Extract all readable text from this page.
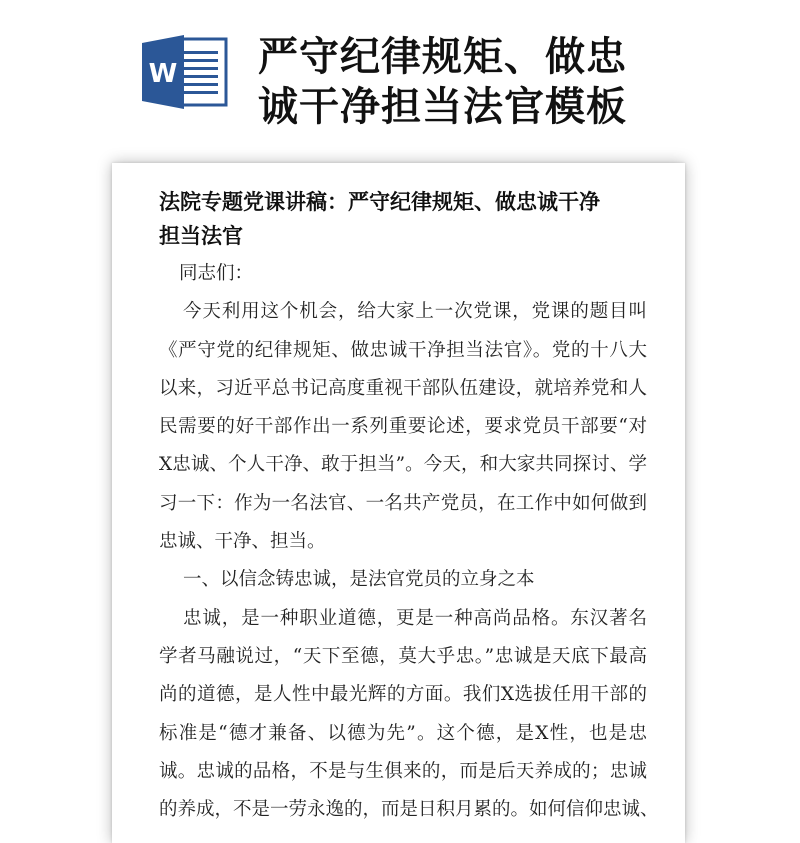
W 严守纪律规矩、做忠
诚干净担当法官模板
法院专题党课讲稿：严守纪律规矩、做忠诚干净
担当法官
同志们：
今天利用这个机会，给大家上一次党课，党课的题目叫
《严守党的纪律规矩、做忠诚干净担当法官》。党的十八大
以来，习近平总书记高度重视干部队伍建设，就培养党和人
民需要的好干部作出一系列重要论述，要求党员干部要“对
X忠诚、个人干净、敢于担当”。今天，和大家共同探讨、学
习一下：作为一名法官、一名共产党员，在工作中如何做到
忠诚、干净、担当。
一、以信念铸忠诚，是法官党员的立身之本
忠诚，是一种职业道德，更是一种高尚品格。东汉著名
学者马融说过，“天下至德，莫大乎忠。”忠诚是天底下最高
尚的道德，是人性中最光辉的方面。我们X选拔任用干部的
标准是“德才兼备、以德为先”。这个德，是X性，也是忠
诚。忠诚的品格，不是与生俱来的，而是后天养成的；忠诚
的养成，不是一劳永逸的，而是日积月累的。如何信仰忠诚、
